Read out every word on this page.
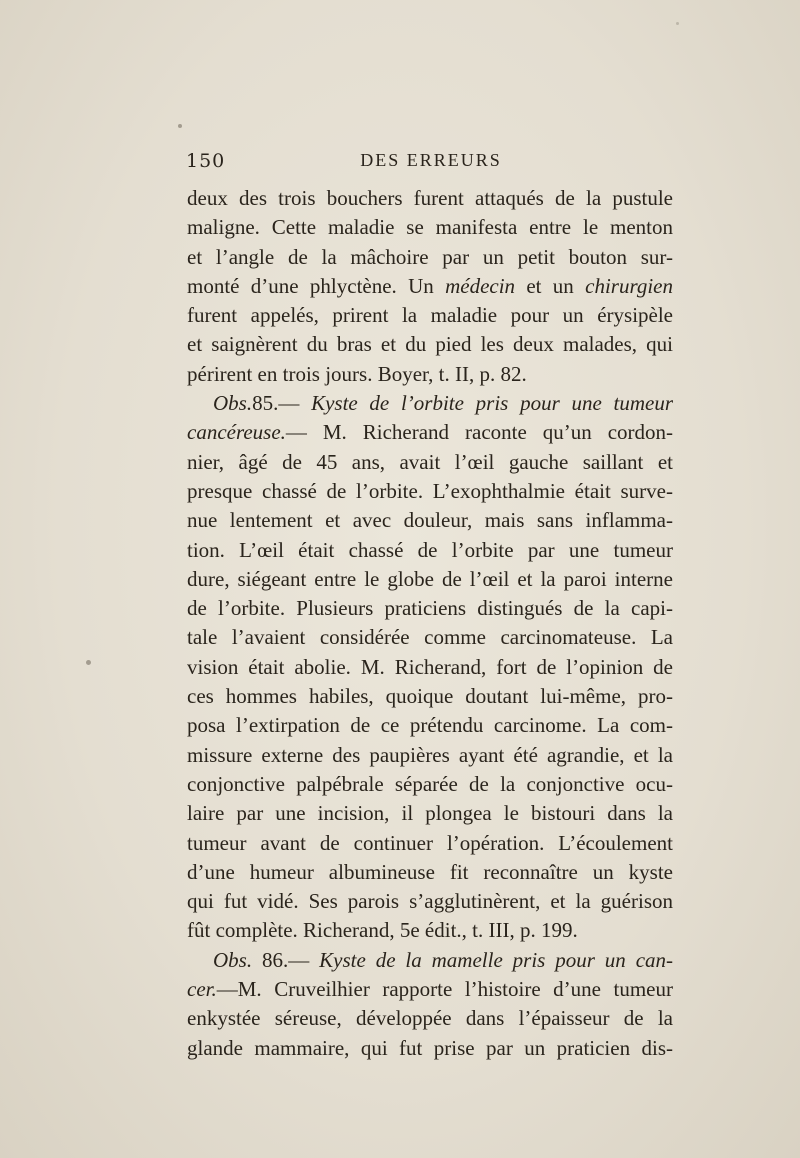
150	DES ERREURS
deux des trois bouchers furent attaqués de la pustule
maligne. Cette maladie se manifesta entre le menton
et l’angle de la mâchoire par un petit bouton sur-
monté d’une phlyctène. Un médecin et un chirurgien
furent appelés, prirent la maladie pour un érysipèle
et saignèrent du bras et du pied les deux malades, qui
périrent en trois jours. Boyer, t. II, p. 82.
Obs.85.— Kyste de l’orbite pris pour une tumeur
cancéreuse.— M. Richerand raconte qu’un cordon-
nier, âgé de 45 ans, avait l’œil gauche saillant et
presque chassé de l’orbite. L’exophthalmie était surve-
nue lentement et avec douleur, mais sans inflamma-
tion. L’œil était chassé de l’orbite par une tumeur
dure, siégeant entre le globe de l’œil et la paroi interne
de l’orbite. Plusieurs praticiens distingués de la capi-
tale l’avaient considérée comme carcinomateuse. La
vision était abolie. M. Richerand, fort de l’opinion de
ces hommes habiles, quoique doutant lui-même, pro-
posa l’extirpation de ce prétendu carcinome. La com-
missure externe des paupières ayant été agrandie, et la
conjonctive palpébrale séparée de la conjonctive ocu-
laire par une incision, il plongea le bistouri dans la
tumeur avant de continuer l’opération. L’écoulement
d’une humeur albumineuse fit reconnaître un kyste
qui fut vidé. Ses parois s’agglutinèrent, et la guérison
fût complète. Richerand, 5e édit., t. III, p. 199.
Obs. 86.— Kyste de la mamelle pris pour un can-
cer.—M. Cruveilhier rapporte l’histoire d’une tumeur
enkystée séreuse, développée dans l’épaisseur de la
glande mammaire, qui fut prise par un praticien dis-
